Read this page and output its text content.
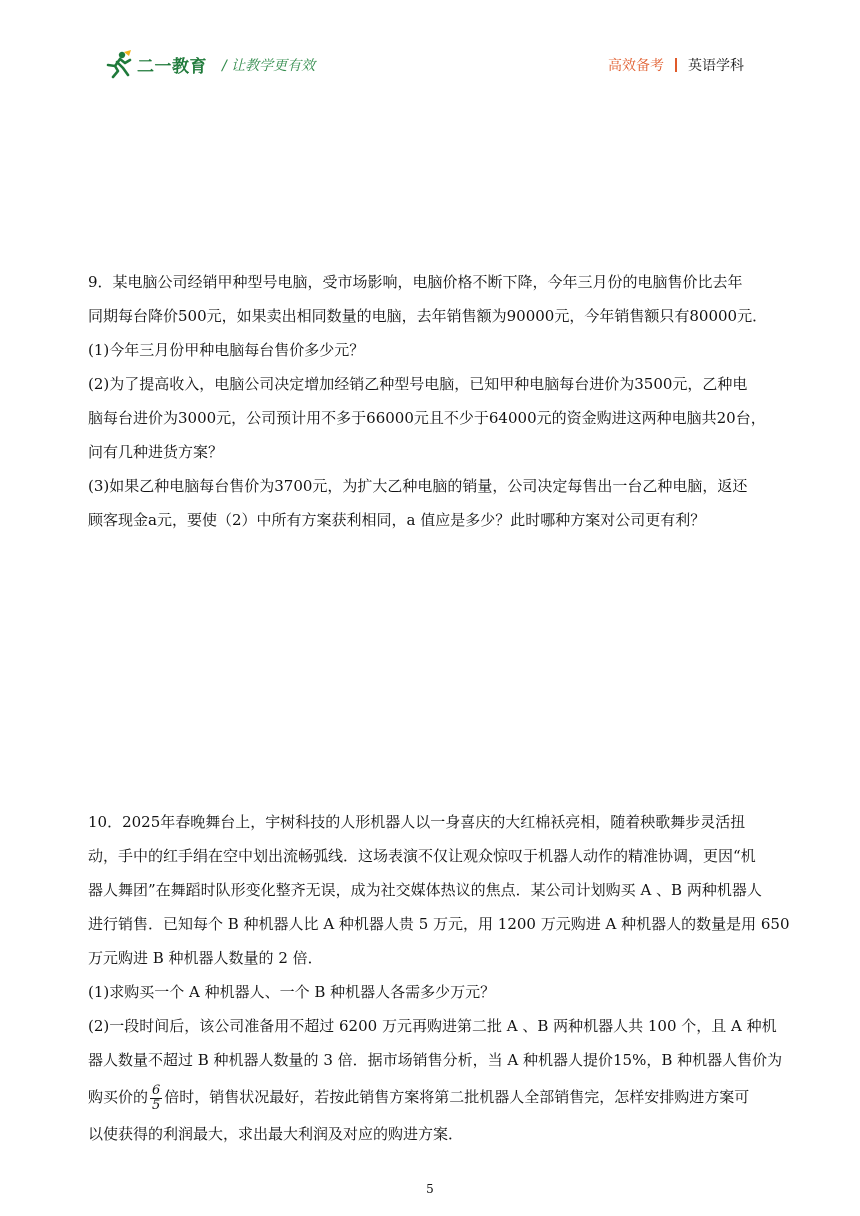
二一教育 / 让教学更有效	高效备考 英语学科
9．某电脑公司经销甲种型号电脑，受市场影响，电脑价格不断下降，今年三月份的电脑售价比去年
同期每台降价500元，如果卖出相同数量的电脑，去年销售额为90000元，今年销售额只有80000元．
(1)今年三月份甲种电脑每台售价多少元？
(2)为了提高收入，电脑公司决定增加经销乙种型号电脑，已知甲种电脑每台进价为3500元，乙种电
脑每台进价为3000元，公司预计用不多于66000元且不少于64000元的资金购进这两种电脑共20台，
问有几种进货方案？
(3)如果乙种电脑每台售价为3700元，为扩大乙种电脑的销量，公司决定每售出一台乙种电脑，返还
顾客现金a元，要使（2）中所有方案获利相同，a 值应是多少？此时哪种方案对公司更有利？
10．2025年春晚舞台上，宇树科技的人形机器人以一身喜庆的大红棉袄亮相，随着秧歌舞步灵活扭
动，手中的红手绢在空中划出流畅弧线．这场表演不仅让观众惊叹于机器人动作的精准协调，更因“机
器人舞团”在舞蹈时队形变化整齐无误，成为社交媒体热议的焦点．某公司计划购买 A 、B 两种机器人
进行销售．已知每个 B 种机器人比 A 种机器人贵 5 万元，用 1200 万元购进 A 种机器人的数量是用 650
万元购进 B 种机器人数量的 2 倍．
(1)求购买一个 A 种机器人、一个 B 种机器人各需多少万元？
(2)一段时间后，该公司准备用不超过 6200 万元再购进第二批 A 、B 两种机器人共 100 个，且 A 种机
器人数量不超过 B 种机器人数量的 3 倍．据市场销售分析，当 A 种机器人提价15%，B 种机器人售价为
购买价的 $\frac{6}{5}$ 倍时，销售状况最好，若按此销售方案将第二批机器人全部销售完，怎样安排购进方案可
以使获得的利润最大，求出最大利润及对应的购进方案．
5
